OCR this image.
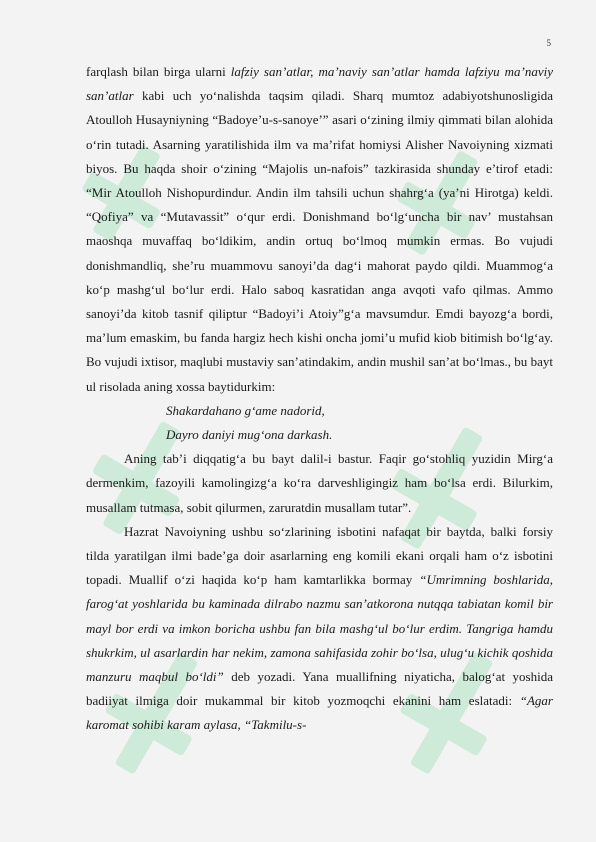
5

farqlash bilan birga ularni lafziy san’atlar, ma’naviy san’atlar hamda lafziyu ma’naviy san’atlar kabi uch yo‘nalishda taqsim qiladi. Sharq mumtoz adabiyotshunosligida Atoulloh Husayniyning “Badoye’u-s-sanoye’” asari o‘zining ilmiy qimmati bilan alohida o‘rin tutadi. Asarning yaratilishida ilm va ma’rifat homiysi Alisher Navoiyning xizmati biyos. Bu haqda shoir o‘zining “Majolis un-nafois” tazkirasida shunday e’tirof etadi: “Mir Atoulloh Nishopurdindur. Andin ilm tahsili uchun shahrg‘a (ya’ni Hirotga) keldi. “Qofiya” va “Mutavassit” o‘qur erdi. Donishmand bo‘lg‘uncha bir nav’ mustahsan maoshqa muvaffaq bo‘ldikim, andin ortuq bo‘lmoq mumkin ermas. Bo vujudi donishmandliq, she’ru muammovu sanoyi’da dag‘i mahorat paydo qildi. Muammog‘a ko‘p mashg‘ul bo‘lur erdi. Halo saboq kasratidan anga avqoti vafo qilmas. Ammo sanoyi’da kitob tasnif qiliptur “Badoyi’i Atoiy”g‘a mavsumdur. Emdi bayozg‘a bordi, ma’lum emaskim, bu fanda hargiz hech kishi oncha jomi’u mufid kiob bitimish bo‘lg‘ay. Bo vujudi ixtisor, maqlubi mustaviy san’atindakim, andin mushil san’at bo‘lmas., bu bayt ul risolada aning xossa baytidurkim:

Shakardahano g‘ame nadorid,
Dayro daniyi mug‘ona darkash.

Aning tab’i diqqatig‘a bu bayt dalil-i bastur. Faqir go‘stohliq yuzidin Mirg‘a dermenkim, fazoyili kamolingizg‘a ko‘ra darveshligingiz ham bo‘lsa erdi. Bilurkim, musallam tutmasa, sobit qilurmen, zaruratdin musallam tutar”.

Hazrat Navoiyning ushbu so‘zlarining isbotini nafaqat bir baytda, balki forsiy tilda yaratilgan ilmi bade’ga doir asarlarning eng komili ekani orqali ham o‘z isbotini topadi. Muallif o‘zi haqida ko‘p ham kamtarlikka bormay “Umrimning boshlarida, farog‘at yoshlarida bu kaminada dilrabo nazmu san’atkorona nutqqa tabiatan komil bir mayl bor erdi va imkon boricha ushbu fan bila mashg‘ul bo‘lur erdim. Tangriga hamdu shukrkim, ul asarlardin har nekim, zamona sahifasida zohir bo‘lsa, ulug‘u kichik qoshida manzuru maqbul bo‘ldi” deb yozadi. Yana muallifning niyaticha, balog‘at yoshida badiiyat ilmiga doir mukammal bir kitob yozmoqchi ekanini ham eslatadi: “Agar karomat sohibi karam aylasa, “Takmilu-s-
